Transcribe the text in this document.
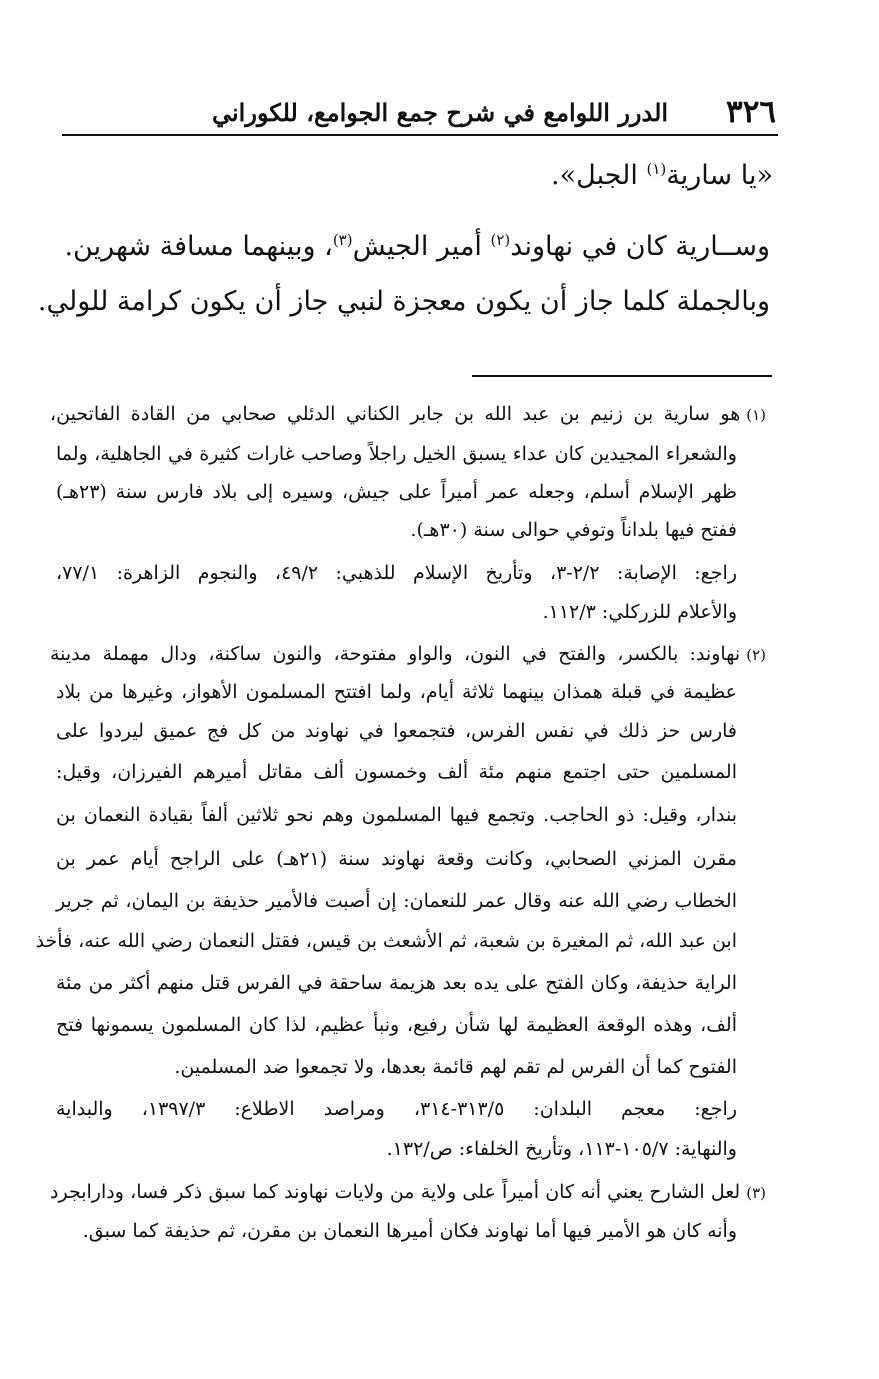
٣٢٦
الدرر اللوامع في شرح جمع الجوامع، للكوراني
«يا سارية$^{(١)}$ الجبل».
وســارية كان في نهاوند$^{(٢)}$ أمير الجيش$^{(٣)}$، وبينهما مسافة شهرين.
وبالجملة كلما جاز أن يكون معجزة لنبي جاز أن يكون كرامة للولي.
(١)هو سارية بن زنيم بن عبد الله بن جابر الكناني الدئلي صحابي من القادة الفاتحين،
والشعراء المجيدين كان عداء يسبق الخيل راجلاً وصاحب غارات كثيرة في الجاهلية، ولما
ظهر الإسلام أسلم، وجعله عمر أميراً على جيش، وسيره إلى بلاد فارس سنة (٢٣هـ)
ففتح فيها بلداناً وتوفي حوالى سنة (٣٠هـ).
راجع: الإصابة: ٢/٢-٣، وتأريخ الإسلام للذهبي: ٤٩/٢، والنجوم الزاهرة: ٧٧/١،
والأعلام للزركلي: ١١٢/٣.
(٢)نهاوند: بالكسر، والفتح في النون، والواو مفتوحة، والنون ساكنة، ودال مهملة مدينة
عظيمة في قبلة همذان بينهما ثلاثة أيام، ولما افتتح المسلمون الأهواز، وغيرها من بلاد
فارس حز ذلك في نفس الفرس، فتجمعوا في نهاوند من كل فج عميق ليردوا على
المسلمين حتى اجتمع منهم مئة ألف وخمسون ألف مقاتل أميرهم الفيرزان، وقيل:
بندار، وقيل: ذو الحاجب. وتجمع فيها المسلمون وهم نحو ثلاثين ألفاً بقيادة النعمان بن
مقرن المزني الصحابي، وكانت وقعة نهاوند سنة (٢١هـ) على الراجح أيام عمر بن
الخطاب رضي الله عنه وقال عمر للنعمان: إن أصبت فالأمير حذيفة بن اليمان، ثم جرير
ابن عبد الله، ثم المغيرة بن شعبة، ثم الأشعث بن قيس، فقتل النعمان رضي الله عنه، فأخذ
الراية حذيفة، وكان الفتح على يده بعد هزيمة ساحقة في الفرس قتل منهم أكثر من مئة
ألف، وهذه الوقعة العظيمة لها شأن رفيع، ونبأ عظيم، لذا كان المسلمون يسمونها فتح
الفتوح كما أن الفرس لم تقم لهم قائمة بعدها، ولا تجمعوا ضد المسلمين.
راجع: معجم البلدان: ٣١٣/٥-٣١٤، ومراصد الاطلاع: ١٣٩٧/٣، والبداية
والنهاية: ١٠٥/٧-١١٣، وتأريخ الخلفاء: ص/١٣٢.
(٣)لعل الشارح يعني أنه كان أميراً على ولاية من ولايات نهاوند كما سبق ذكر فسا، ودارابجرد
وأنه كان هو الأمير فيها أما نهاوند فكان أميرها النعمان بن مقرن، ثم حذيفة كما سبق.
